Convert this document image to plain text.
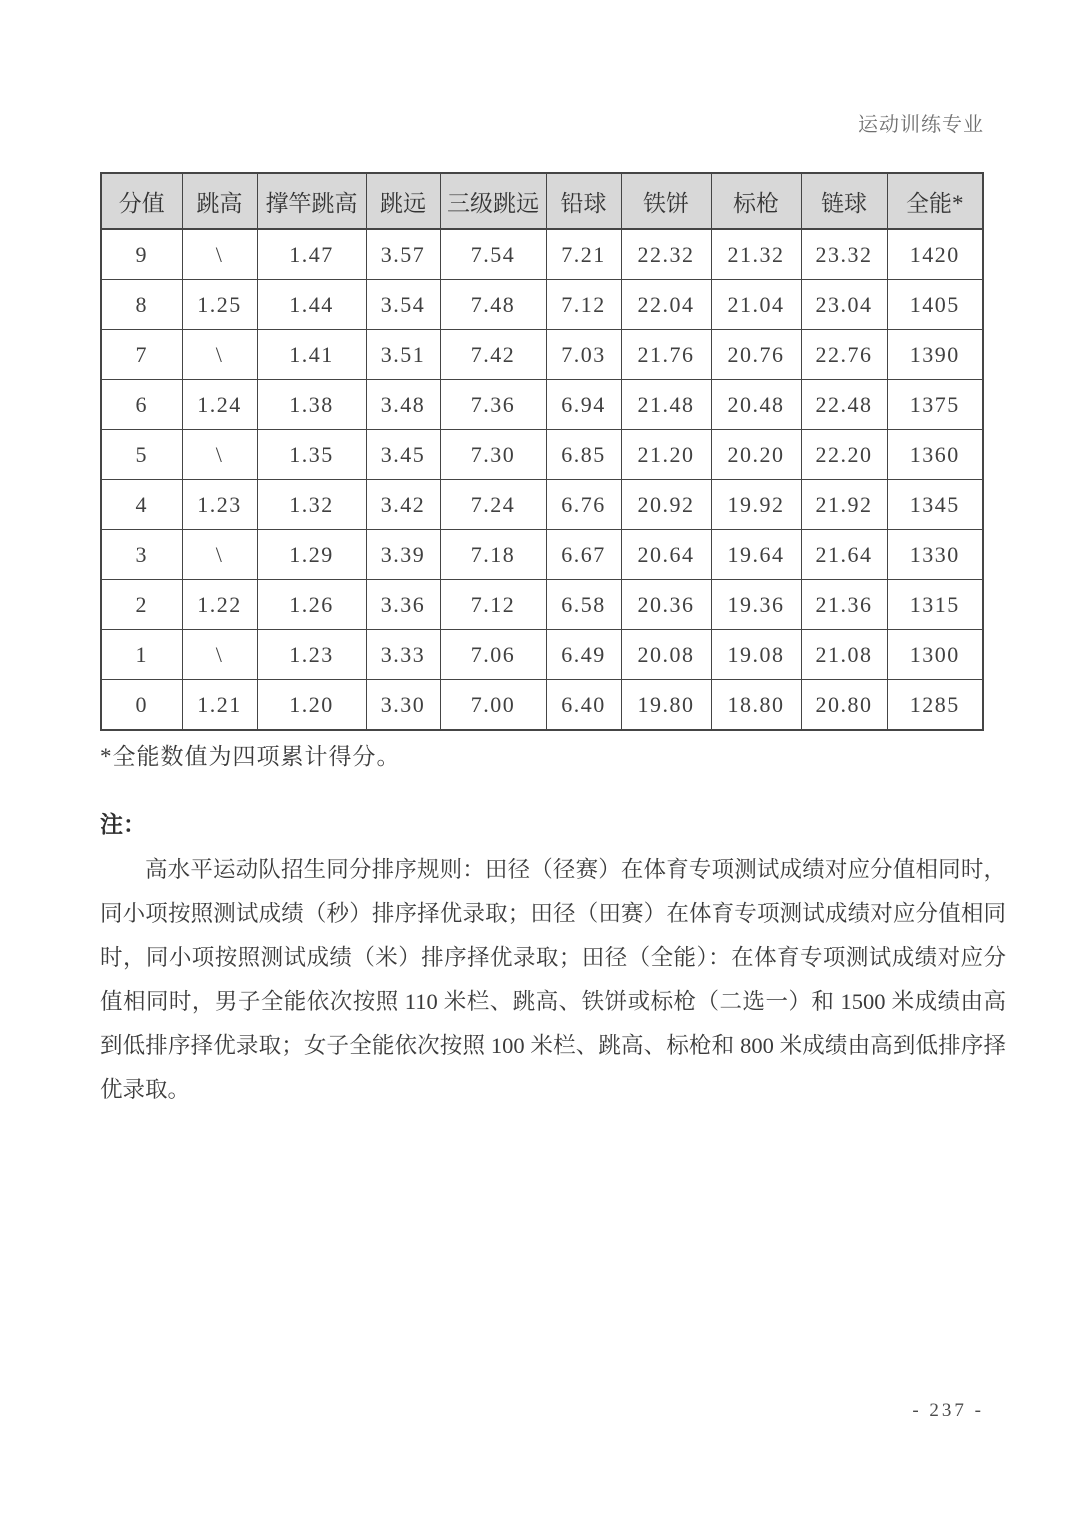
运动训练专业
分值	跳高	撑竿跳高	跳远	三级跳远	铅球	铁饼	标枪	链球	全能*
9	\	1.47	3.57	7.54	7.21	22.32	21.32	23.32	1420
8	1.25	1.44	3.54	7.48	7.12	22.04	21.04	23.04	1405
7	\	1.41	3.51	7.42	7.03	21.76	20.76	22.76	1390
6	1.24	1.38	3.48	7.36	6.94	21.48	20.48	22.48	1375
5	\	1.35	3.45	7.30	6.85	21.20	20.20	22.20	1360
4	1.23	1.32	3.42	7.24	6.76	20.92	19.92	21.92	1345
3	\	1.29	3.39	7.18	6.67	20.64	19.64	21.64	1330
2	1.22	1.26	3.36	7.12	6.58	20.36	19.36	21.36	1315
1	\	1.23	3.33	7.06	6.49	20.08	19.08	21.08	1300
0	1.21	1.20	3.30	7.00	6.40	19.80	18.80	20.80	1285
*全能数值为四项累计得分。
注：
高水平运动队招生同分排序规则：田径（径赛）在体育专项测试成绩对应分值相同时，同小项按照测试成绩（秒）排序择优录取；田径（田赛）在体育专项测试成绩对应分值相同时，同小项按照测试成绩（米）排序择优录取；田径（全能）：在体育专项测试成绩对应分值相同时，男子全能依次按照 110 米栏、跳高、铁饼或标枪（二选一）和 1500 米成绩由高到低排序择优录取；女子全能依次按照 100 米栏、跳高、标枪和 800 米成绩由高到低排序择优录取。
- 237 -
